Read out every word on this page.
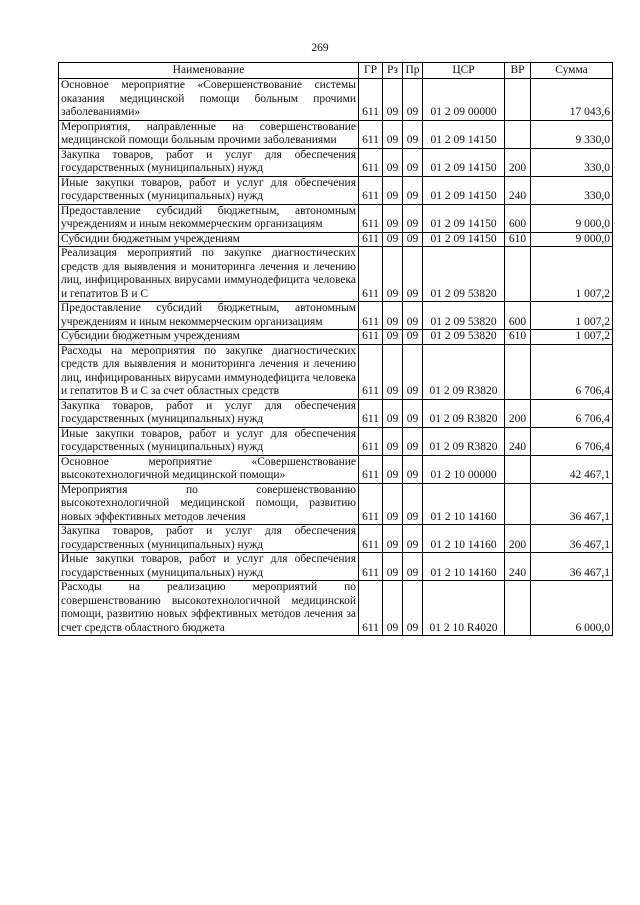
269
Наименование	ГР	Рз	Пр	ЦСР	ВР	Сумма
Основное мероприятие «Совершенствование системы оказания медицинской помощи больным прочими заболеваниями»	611	09	09	01 2 09 00000		17 043,6
Мероприятия, направленные на совершенствование медицинской помощи больным прочими заболеваниями	611	09	09	01 2 09 14150		9 330,0
Закупка товаров, работ и услуг для обеспечения государственных (муниципальных) нужд	611	09	09	01 2 09 14150	200	330,0
Иные закупки товаров, работ и услуг для обеспечения государственных (муниципальных) нужд	611	09	09	01 2 09 14150	240	330,0
Предоставление субсидий бюджетным, автономным учреждениям и иным некоммерческим организациям	611	09	09	01 2 09 14150	600	9 000,0
Субсидии бюджетным учреждениям	611	09	09	01 2 09 14150	610	9 000,0
Реализация мероприятий по закупке диагностических средств для выявления и мониторинга лечения и лечению лиц, инфицированных вирусами иммунодефицита человека и гепатитов В и С	611	09	09	01 2 09 53820		1 007,2
Предоставление субсидий бюджетным, автономным учреждениям и иным некоммерческим организациям	611	09	09	01 2 09 53820	600	1 007,2
Субсидии бюджетным учреждениям	611	09	09	01 2 09 53820	610	1 007,2
Расходы на мероприятия по закупке диагностических средств для выявления и мониторинга лечения и лечению лиц, инфицированных вирусами иммунодефицита человека и гепатитов В и С за счет областных средств	611	09	09	01 2 09 R3820		6 706,4
Закупка товаров, работ и услуг для обеспечения государственных (муниципальных) нужд	611	09	09	01 2 09 R3820	200	6 706,4
Иные закупки товаров, работ и услуг для обеспечения государственных (муниципальных) нужд	611	09	09	01 2 09 R3820	240	6 706,4
Основное мероприятие «Совершенствование высокотехнологичной медицинской помощи»	611	09	09	01 2 10 00000		42 467,1
Мероприятия по совершенствованию высокотехнологичной медицинской помощи, развитию новых эффективных методов лечения	611	09	09	01 2 10 14160		36 467,1
Закупка товаров, работ и услуг для обеспечения государственных (муниципальных) нужд	611	09	09	01 2 10 14160	200	36 467,1
Иные закупки товаров, работ и услуг для обеспечения государственных (муниципальных) нужд	611	09	09	01 2 10 14160	240	36 467,1
Расходы на реализацию мероприятий по совершенствованию высокотехнологичной медицинской помощи, развитию новых эффективных методов лечения за счет средств областного бюджета	611	09	09	01 2 10 R4020		6 000,0
